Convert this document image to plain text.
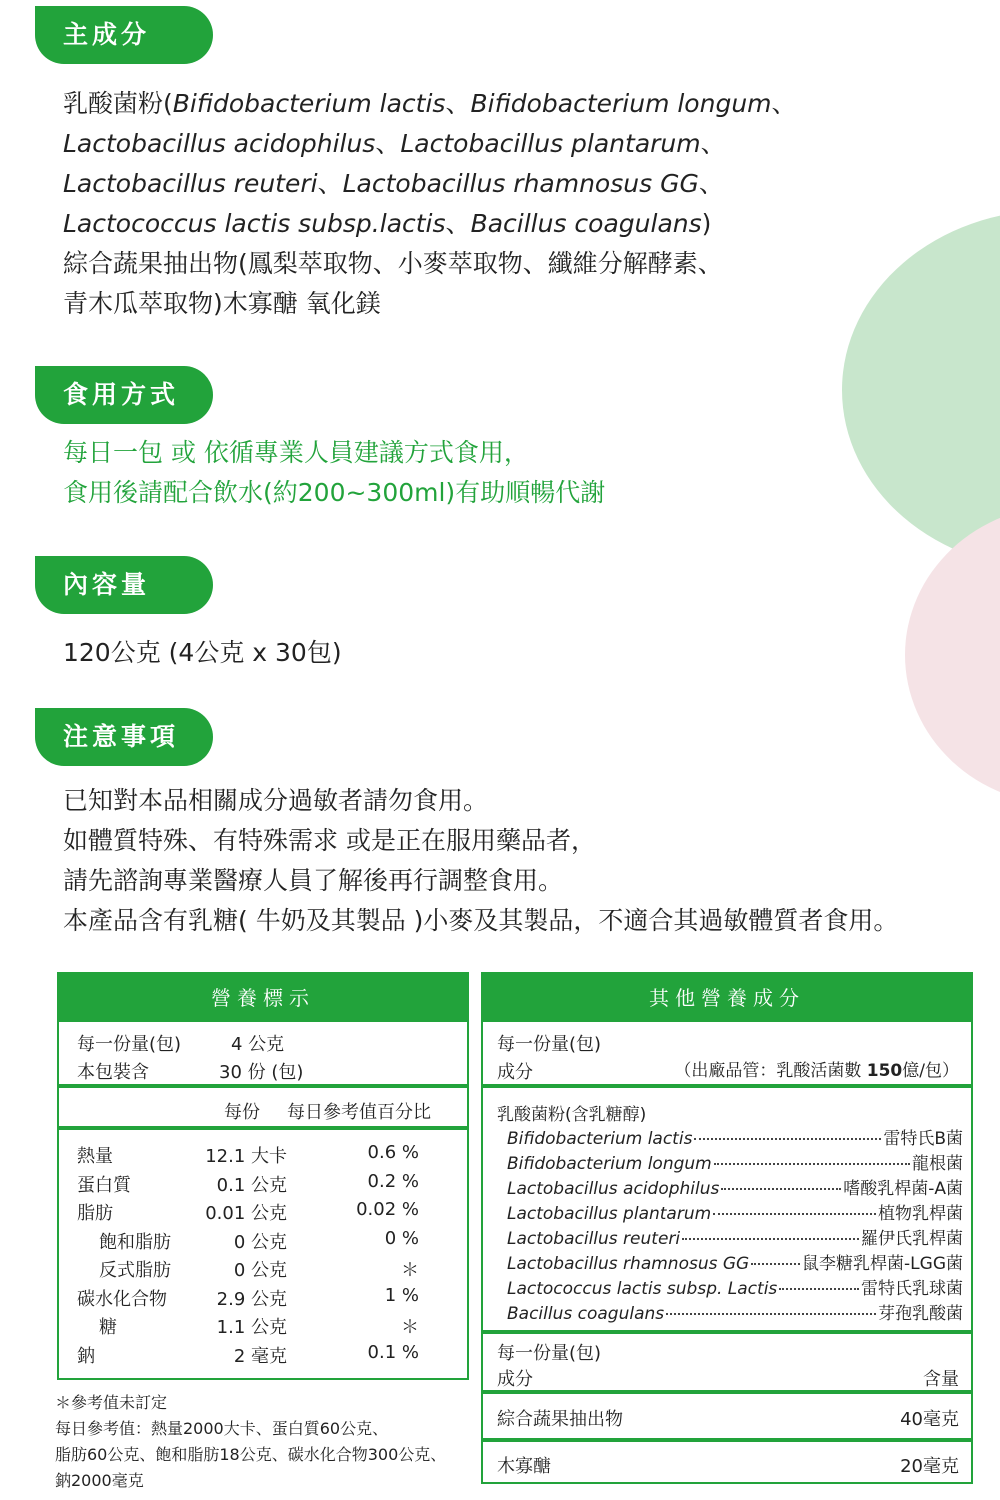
主成分
乳酸菌粉(Bifidobacterium lactis、Bifidobacterium longum、
Lactobacillus acidophilus、Lactobacillus plantarum、
Lactobacillus reuteri、Lactobacillus rhamnosus GG、
Lactococcus lactis subsp.lactis、Bacillus coagulans)
綜合蔬果抽出物(鳳梨萃取物、小麥萃取物、纖維分解酵素、
青木瓜萃取物)木寡醣 氧化鎂
食用方式
每日一包 或 依循專業人員建議方式食用，
食用後請配合飲水(約200~300ml)有助順暢代謝
內容量
120公克 (4公克 x 30包)
注意事項
已知對本品相關成分過敏者請勿食用。
如體質特殊、有特殊需求 或是正在服用藥品者，
請先諮詢專業醫療人員了解後再行調整食用。
本產品含有乳糖( 牛奶及其製品 )小麥及其製品，不適合其過敏體質者食用。
營養標示
每一份量(包)	4 公克
本包裝含	30 份 (包)
每份 每日參考值百分比
熱量	12.1 大卡	0.6 %
蛋白質	0.1 公克	0.2 %
脂肪	0.01 公克	0.02 %
飽和脂肪	0 公克	0 %
反式脂肪	0 公克	＊
碳水化合物	2.9 公克	1 %
糖	1.1 公克	＊
鈉	2 毫克	0.1 %
＊參考值未訂定
每日參考值：熱量2000大卡、蛋白質60公克、
脂肪60公克、飽和脂肪18公克、碳水化合物300公克、
鈉2000毫克
其他營養成分
每一份量(包)
成分	（出廠品管：乳酸活菌數 150億/包）
乳酸菌粉(含乳糖醇)
Bifidobacterium lactis	雷特氏B菌
Bifidobacterium longum	龍根菌
Lactobacillus acidophilus	嗜酸乳桿菌-A菌
Lactobacillus plantarum	植物乳桿菌
Lactobacillus reuteri	羅伊氏乳桿菌
Lactobacillus rhamnosus GG	鼠李糖乳桿菌-LGG菌
Lactococcus lactis subsp. Lactis	雷特氏乳球菌
Bacillus coagulans	芽孢乳酸菌
每一份量(包)
成分	含量
綜合蔬果抽出物	40毫克
木寡醣	20毫克
